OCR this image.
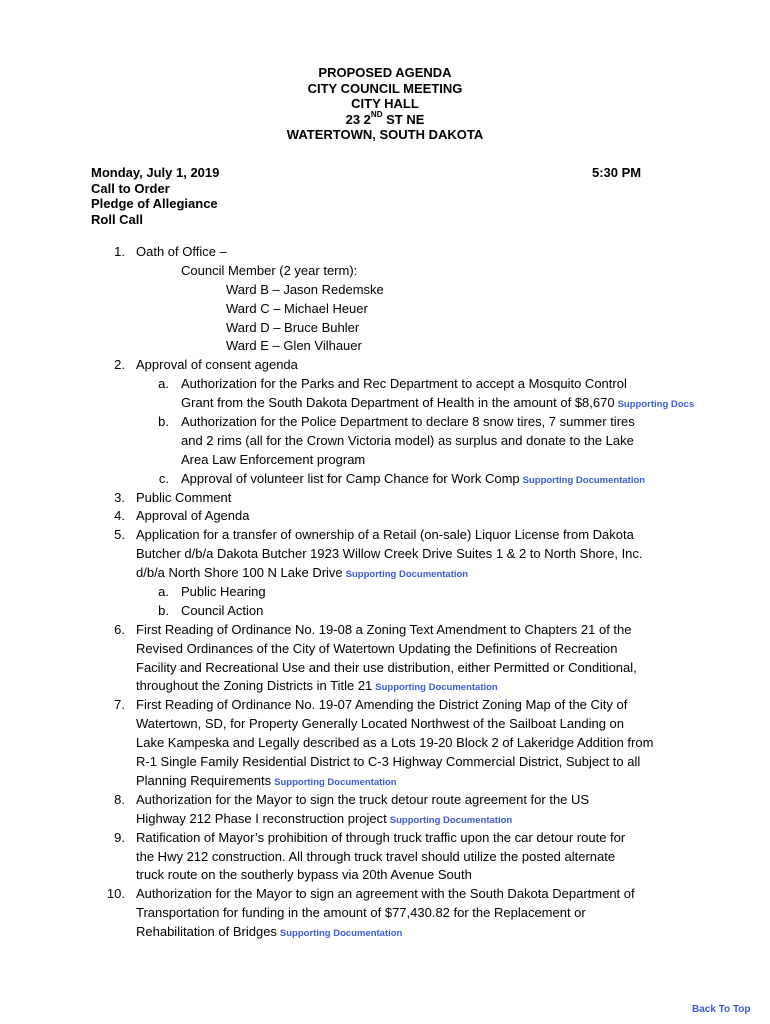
PROPOSED AGENDA
CITY COUNCIL MEETING
CITY HALL
23 2ND ST NE
WATERTOWN, SOUTH DAKOTA
Monday, July 1, 2019
Call to Order
Pledge of Allegiance
Roll Call
5:30 PM
1. Oath of Office –
Council Member (2 year term):
Ward B – Jason Redemske
Ward C – Michael Heuer
Ward D – Bruce Buhler
Ward E – Glen Vilhauer
2. Approval of consent agenda
a. Authorization for the Parks and Rec Department to accept a Mosquito Control
Grant from the South Dakota Department of Health in the amount of $8,670 Supporting Docs
b. Authorization for the Police Department to declare 8 snow tires, 7 summer tires
and 2 rims (all for the Crown Victoria model) as surplus and donate to the Lake
Area Law Enforcement program
c. Approval of volunteer list for Camp Chance for Work Comp Supporting Documentation
3. Public Comment
4. Approval of Agenda
5. Application for a transfer of ownership of a Retail (on-sale) Liquor License from Dakota
Butcher d/b/a Dakota Butcher 1923 Willow Creek Drive Suites 1 & 2 to North Shore, Inc.
d/b/a North Shore 100 N Lake Drive Supporting Documentation
a. Public Hearing
b. Council Action
6. First Reading of Ordinance No. 19-08 a Zoning Text Amendment to Chapters 21 of the
Revised Ordinances of the City of Watertown Updating the Definitions of Recreation
Facility and Recreational Use and their use distribution, either Permitted or Conditional,
throughout the Zoning Districts in Title 21 Supporting Documentation
7. First Reading of Ordinance No. 19-07 Amending the District Zoning Map of the City of
Watertown, SD, for Property Generally Located Northwest of the Sailboat Landing on
Lake Kampeska and Legally described as a Lots 19-20 Block 2 of Lakeridge Addition from
R-1 Single Family Residential District to C-3 Highway Commercial District, Subject to all
Planning Requirements Supporting Documentation
8. Authorization for the Mayor to sign the truck detour route agreement for the US
Highway 212 Phase I reconstruction project Supporting Documentation
9. Ratification of Mayor’s prohibition of through truck traffic upon the car detour route for
the Hwy 212 construction. All through truck travel should utilize the posted alternate
truck route on the southerly bypass via 20th Avenue South
10. Authorization for the Mayor to sign an agreement with the South Dakota Department of
Transportation for funding in the amount of $77,430.82 for the Replacement or
Rehabilitation of Bridges Supporting Documentation
Back To Top
